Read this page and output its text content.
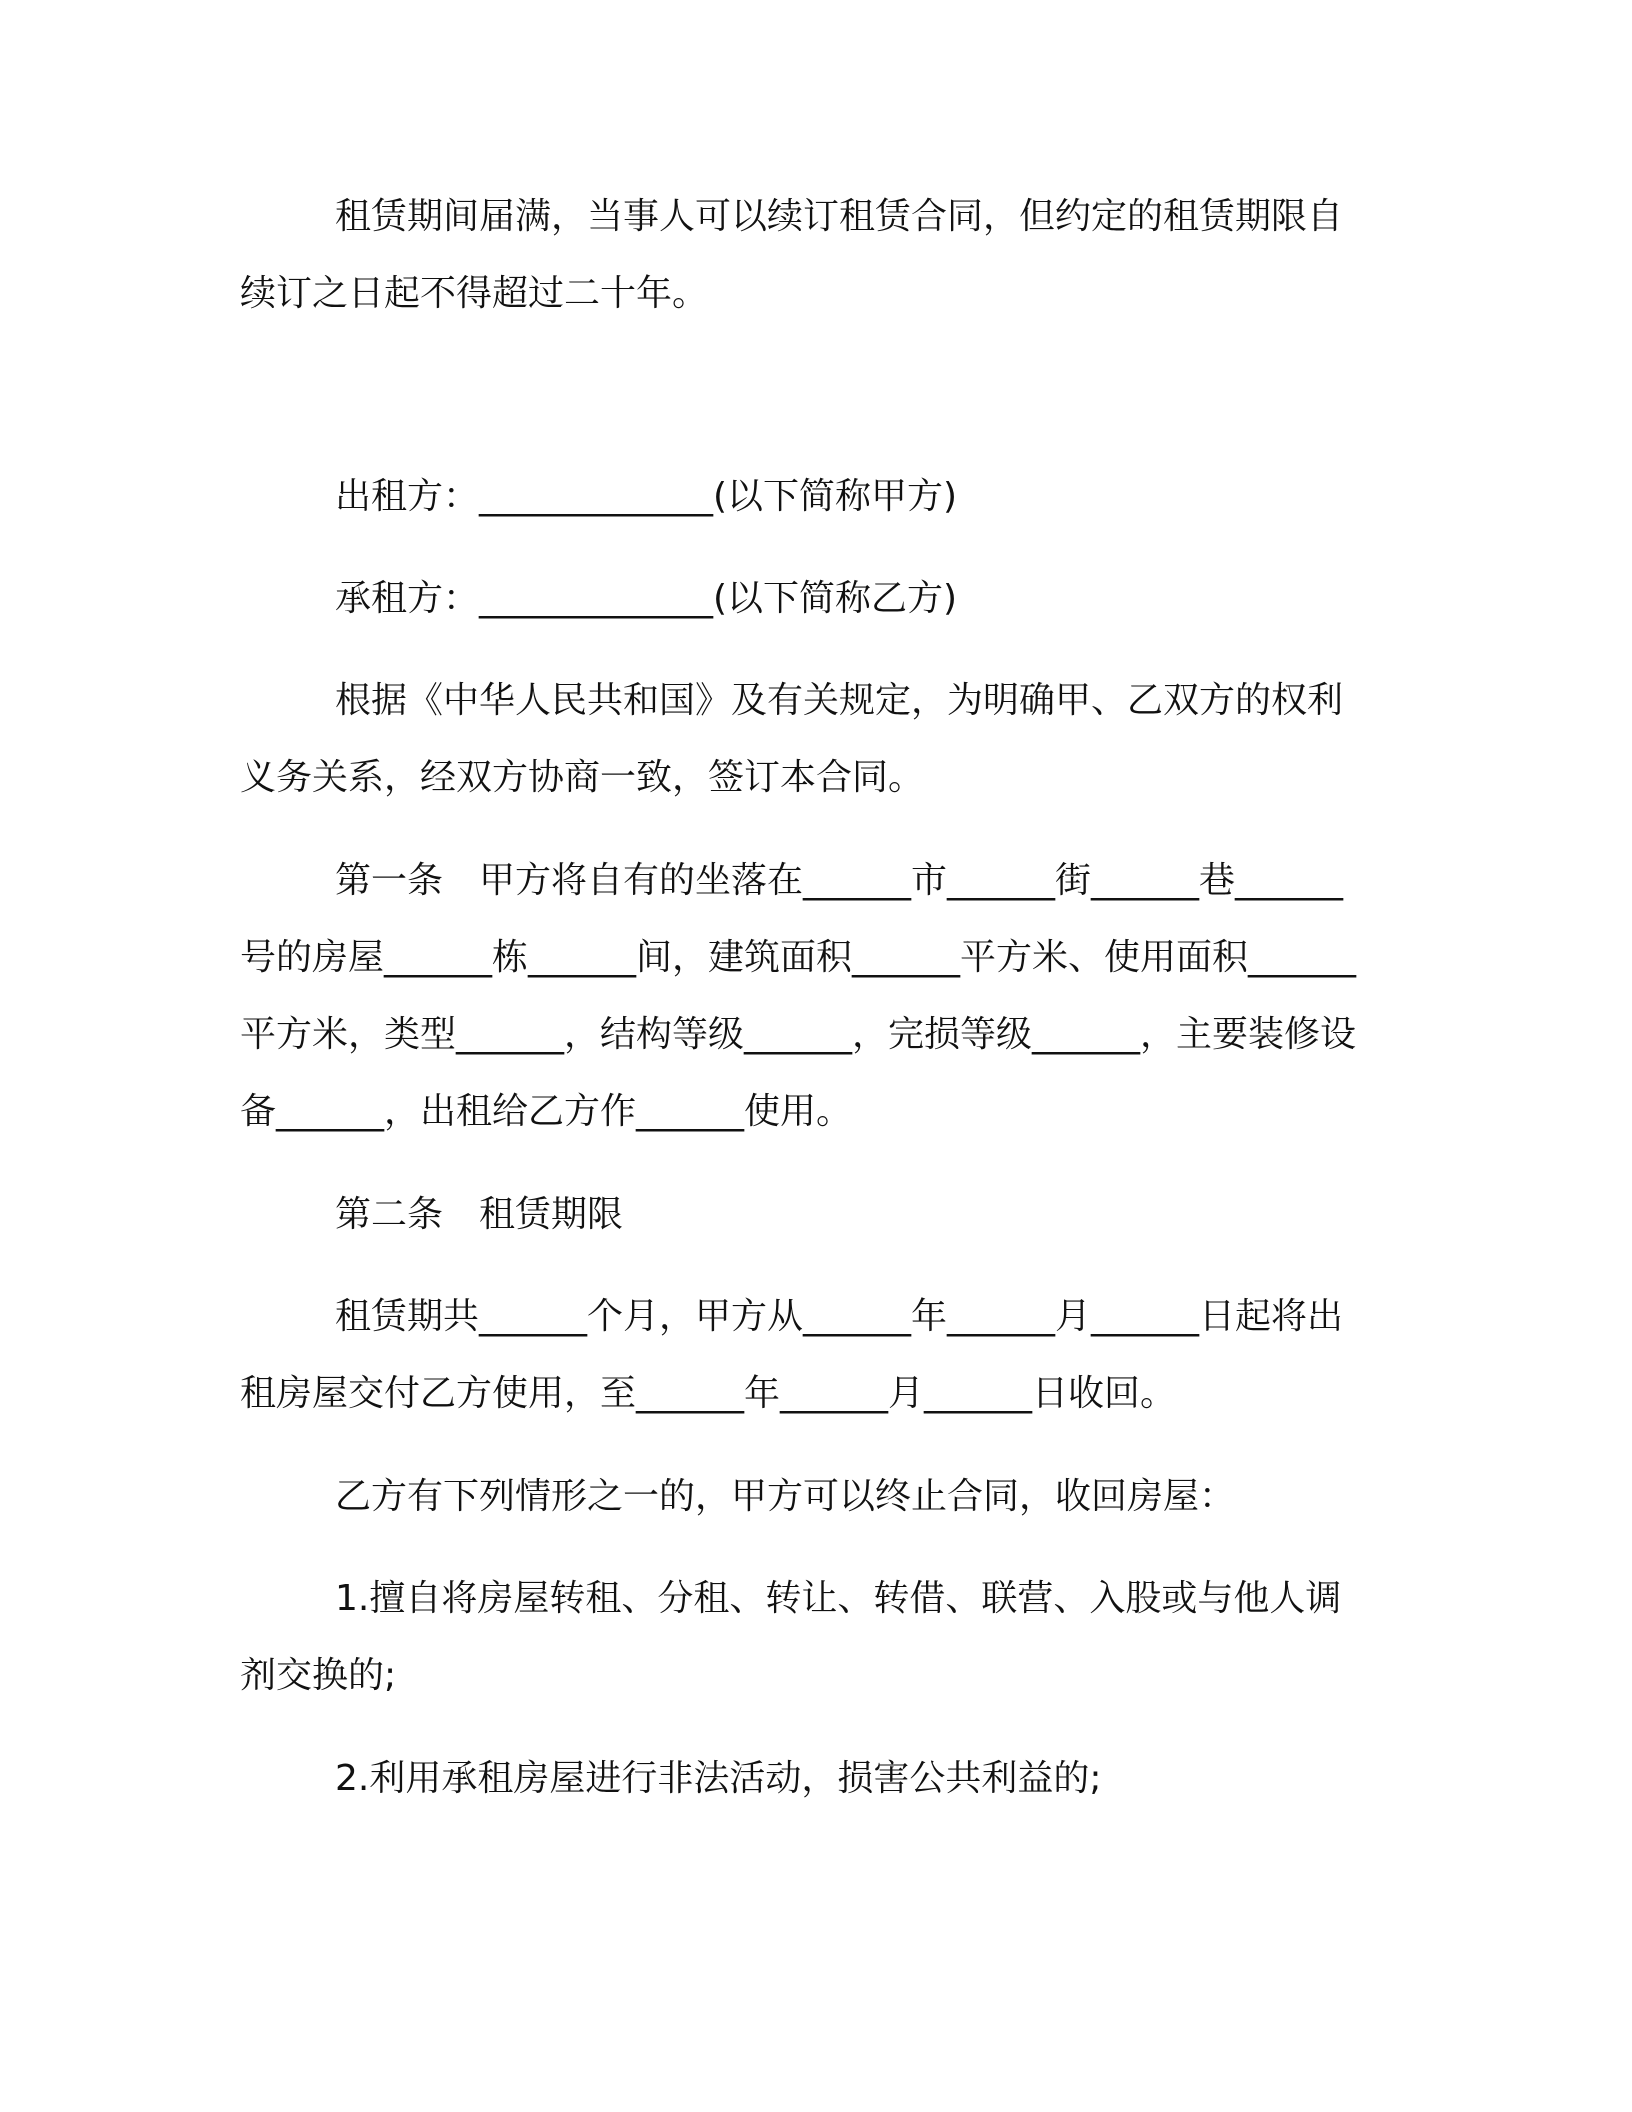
租赁期间届满，当事人可以续订租赁合同，但约定的租赁期限自续订之日起不得超过二十年。

出租方：_____________(以下简称甲方)

承租方：_____________(以下简称乙方)

根据《中华人民共和国》及有关规定，为明确甲、乙双方的权利义务关系，经双方协商一致，签订本合同。

第一条　甲方将自有的坐落在______市______街______巷______号的房屋______栋______间，建筑面积______平方米、使用面积______平方米，类型______，结构等级______，完损等级______，主要装修设备______，出租给乙方作______使用。

第二条　租赁期限

租赁期共______个月，甲方从______年______月______日起将出租房屋交付乙方使用，至______年______月______日收回。

乙方有下列情形之一的，甲方可以终止合同，收回房屋：

1.擅自将房屋转租、分租、转让、转借、联营、入股或与他人调剂交换的;

2.利用承租房屋进行非法活动，损害公共利益的;
